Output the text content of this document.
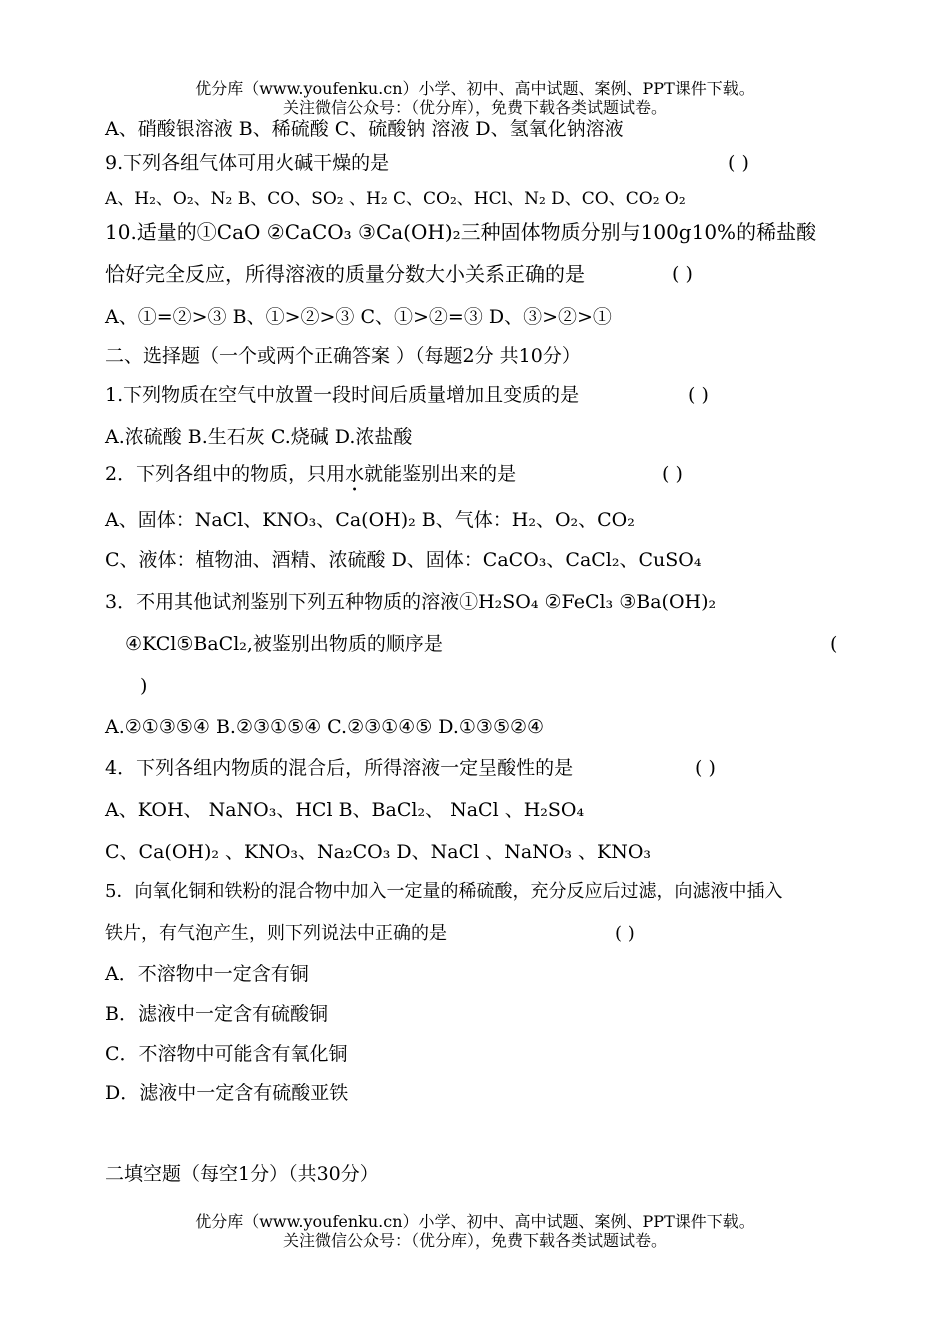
优分库（www.youfenku.cn）小学、初中、高中试题、案例、PPT课件下载。
关注微信公众号：（优分库），免费下载各类试题试卷。
A、硝酸银溶液 B、稀硫酸 C、硫酸钠 溶液 D、氢氧化钠溶液
9.下列各组气体可用火碱干燥的是	( )
A、H₂、O₂、N₂ B、CO、SO₂ 、H₂ C、CO₂、HCl、N₂ D、CO、CO₂ O₂
10.适量的①CaO ②CaCO₃ ③Ca(OH)₂三种固体物质分别与100g10%的稀盐酸
恰好完全反应，所得溶液的质量分数大小关系正确的是	( )
A、①=②>③ B、①>②>③ C、①>②=③ D、③>②>①
二、选择题（一个或两个正确答案 ）（每题2分 共10分）
1.下列物质在空气中放置一段时间后质量增加且变质的是	( )
A.浓硫酸 B.生石灰 C.烧碱 D.浓盐酸
2．下列各组中的物质，只用水就能鉴别出来的是	( )
A、固体：NaCl、KNO₃、Ca(OH)₂ B、气体：H₂、O₂、CO₂
C、液体：植物油、酒精、浓硫酸 D、固体：CaCO₃、CaCl₂、CuSO₄
3．不用其他试剂鉴别下列五种物质的溶液①H₂SO₄ ②FeCl₃ ③Ba(OH)₂
④KCl⑤BaCl₂,被鉴别出物质的顺序是	(
)
A.②①③⑤④ B.②③①⑤④ C.②③①④⑤ D.①③⑤②④
4．下列各组内物质的混合后，所得溶液一定呈酸性的是	( )
A、KOH、 NaNO₃、HCl B、BaCl₂、 NaCl 、H₂SO₄
C、Ca(OH)₂ 、KNO₃、Na₂CO₃ D、NaCl 、NaNO₃ 、KNO₃
5．向氧化铜和铁粉的混合物中加入一定量的稀硫酸，充分反应后过滤，向滤液中插入
铁片，有气泡产生，则下列说法中正确的是	( )
A．不溶物中一定含有铜
B．滤液中一定含有硫酸铜
C．不溶物中可能含有氧化铜
D．滤液中一定含有硫酸亚铁
二填空题（每空1分）（共30分）
优分库（www.youfenku.cn）小学、初中、高中试题、案例、PPT课件下载。
关注微信公众号：（优分库），免费下载各类试题试卷。
